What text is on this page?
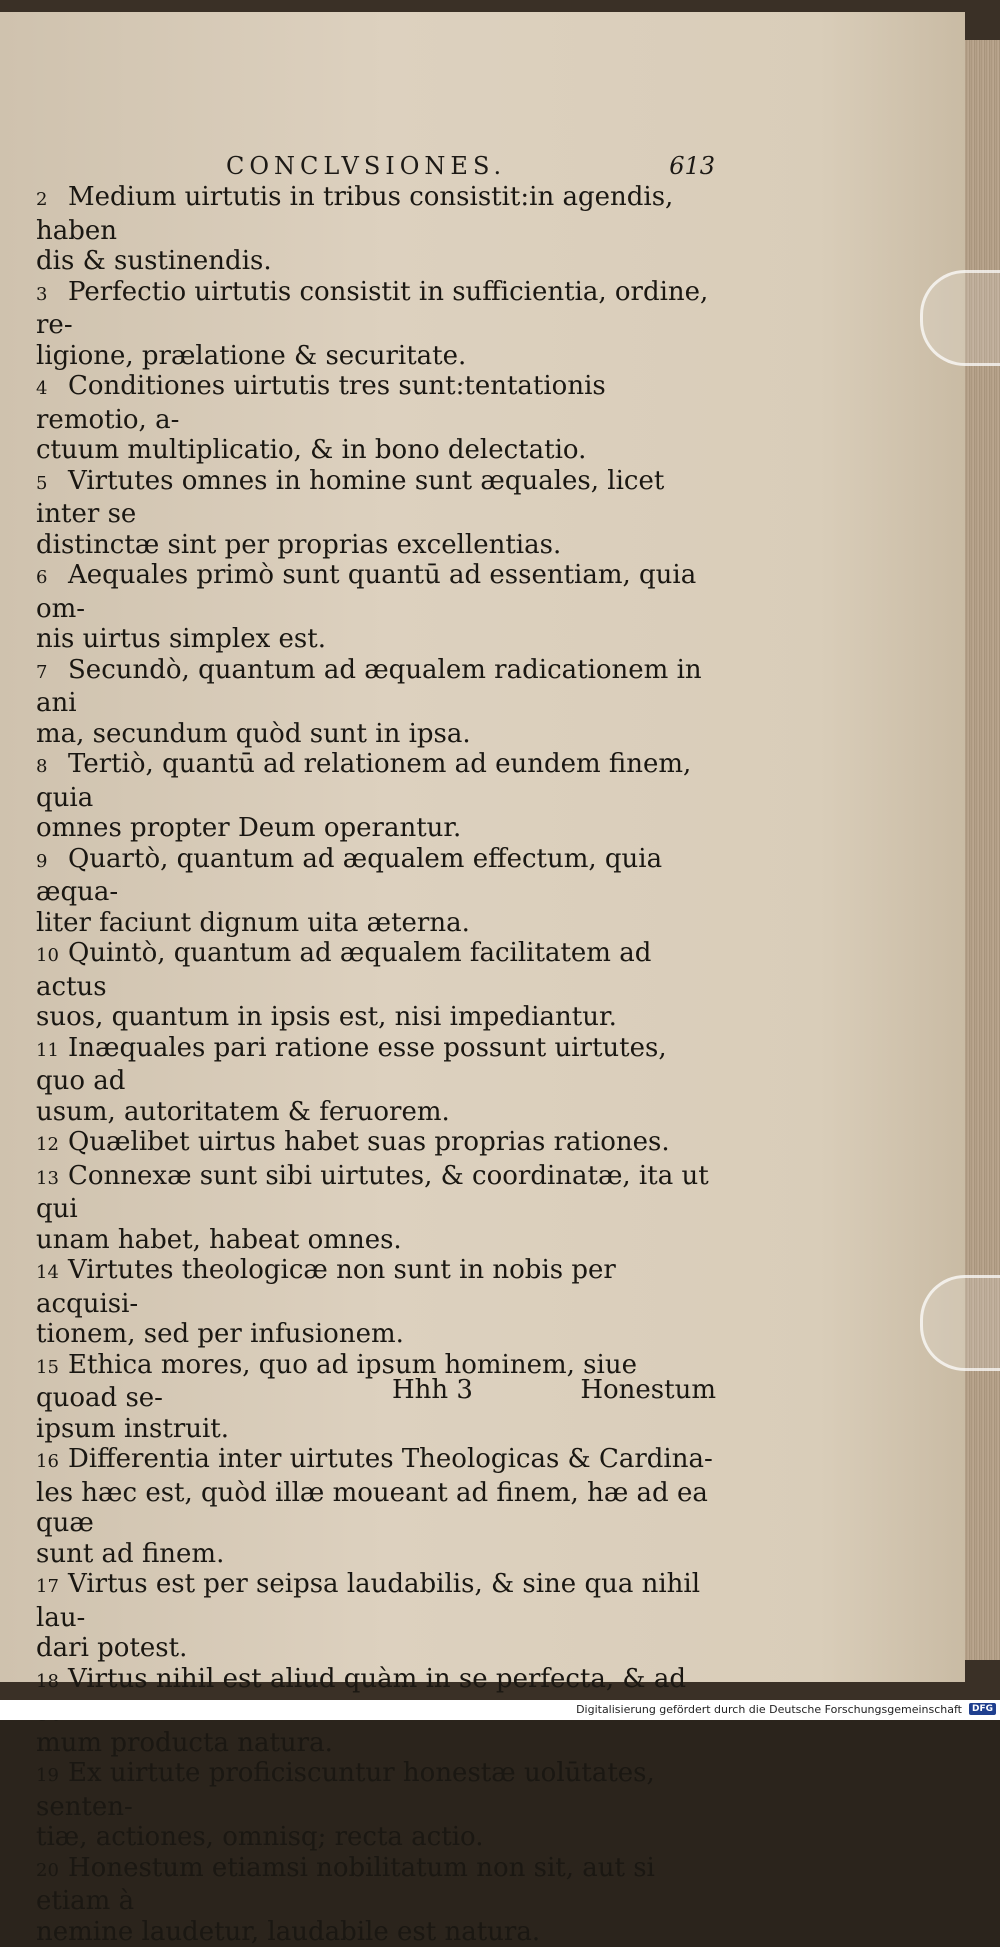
CONCLVSIONES.	613
2 Medium uirtutis in tribus consistit:in agendis, haben
dis & sustinendis.
3 Perfectio uirtutis consistit in sufficientia, ordine, re-
ligione, prælatione & securitate.
4 Conditiones uirtutis tres sunt:tentationis remotio, a-
ctuum multiplicatio, & in bono delectatio.
5 Virtutes omnes in homine sunt æquales, licet inter se
distinctæ sint per proprias excellentias.
6 Aequales primò sunt quantū ad essentiam, quia om-
nis uirtus simplex est.
7 Secundò, quantum ad æqualem radicationem in ani
ma, secundum quòd sunt in ipsa.
8 Tertiò, quantū ad relationem ad eundem finem, quia
omnes propter Deum operantur.
9 Quartò, quantum ad æqualem effectum, quia æqua-
liter faciunt dignum uita æterna.
10 Quintò, quantum ad æqualem facilitatem ad actus
suos, quantum in ipsis est, nisi impediantur.
11 Inæquales pari ratione esse possunt uirtutes, quo ad
usum, autoritatem & feruorem.
12 Quælibet uirtus habet suas proprias rationes.
13 Connexæ sunt sibi uirtutes, & coordinatæ, ita ut qui
unam habet, habeat omnes.
14 Virtutes theologicæ non sunt in nobis per acquisi-
tionem, sed per infusionem.
15 Ethica mores, quo ad ipsum hominem, siue quoad se-
ipsum instruit.
16 Differentia inter uirtutes Theologicas & Cardina-
les hæc est, quòd illæ moueant ad finem, hæ ad ea quæ
sunt ad finem.
17 Virtus est per seipsa laudabilis, & sine qua nihil lau-
dari potest.
18 Virtus nihil est aliud quàm in se perfecta, & ad
mum producta natura.
19 Ex uirtute proficiscuntur honestæ uolūtates, senten-
tiæ, actiones, omnisq; recta actio.
20 Honestum etiamsi nobilitatum non sit, aut si etiam à
nemine laudetur, laudabile est natura.
Hhh 3	Honestum
Digitalisierung gefördert durch die Deutsche Forschungsgemeinschaft	DFG
